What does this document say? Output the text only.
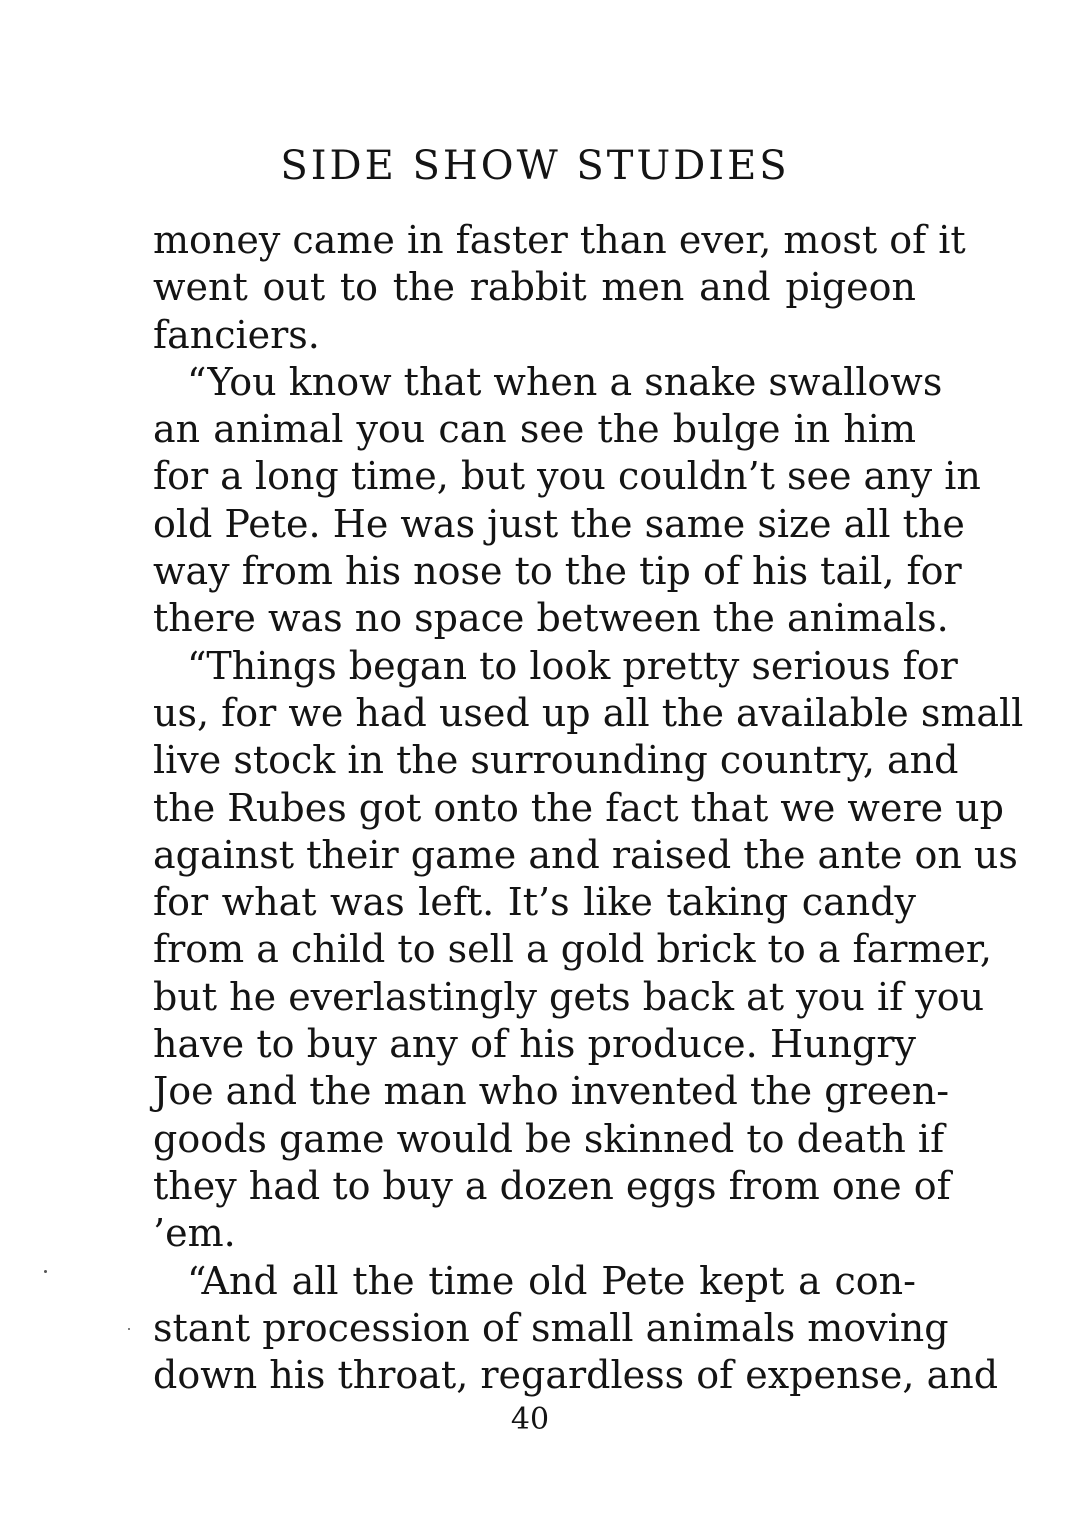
SIDE SHOW STUDIES
money came in faster than ever, most of it
went out to the rabbit men and pigeon
fanciers.
“You know that when a snake swallows
an animal you can see the bulge in him
for a long time, but you couldn’t see any in
old Pete. He was just the same size all the
way from his nose to the tip of his tail, for
there was no space between the animals.
“Things began to look pretty serious for
us, for we had used up all the available small
live stock in the surrounding country, and
the Rubes got onto the fact that we were up
against their game and raised the ante on us
for what was left. It’s like taking candy
from a child to sell a gold brick to a farmer,
but he everlastingly gets back at you if you
have to buy any of his produce. Hungry
Joe and the man who invented the green-
goods game would be skinned to death if
they had to buy a dozen eggs from one of
’em.
“And all the time old Pete kept a con-
stant procession of small animals moving
down his throat, regardless of expense, and
40
